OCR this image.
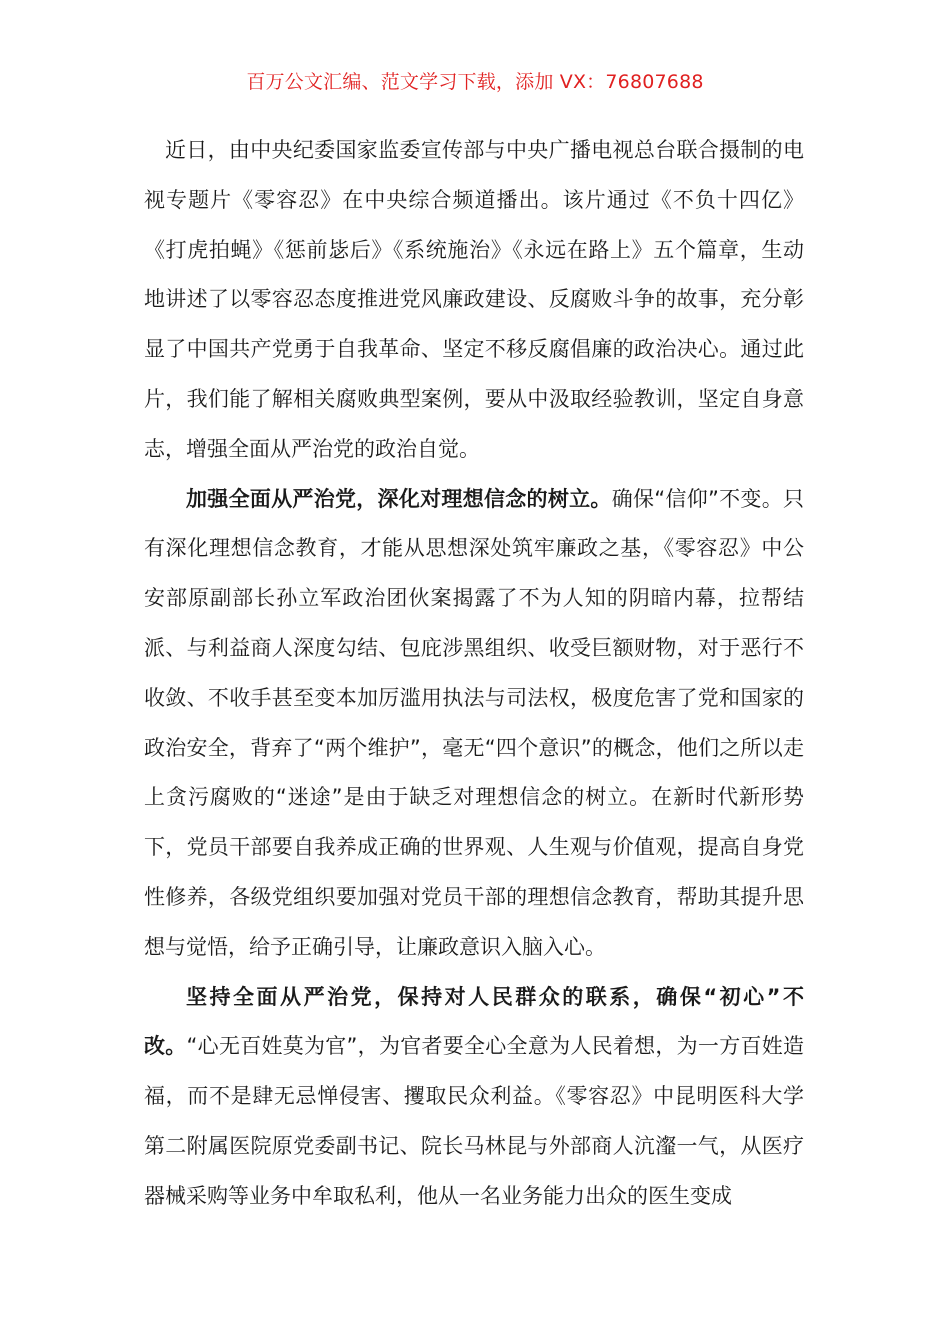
百万公文汇编、范文学习下载，添加 VX：76807688

近日，由中央纪委国家监委宣传部与中央广播电视总台联合摄制的电视专题片《零容忍》在中央综合频道播出。该片通过《不负十四亿》《打虎拍蝇》《惩前毖后》《系统施治》《永远在路上》五个篇章，生动地讲述了以零容忍态度推进党风廉政建设、反腐败斗争的故事，充分彰显了中国共产党勇于自我革命、坚定不移反腐倡廉的政治决心。通过此片，我们能了解相关腐败典型案例，要从中汲取经验教训，坚定自身意志，增强全面从严治党的政治自觉。

加强全面从严治党，深化对理想信念的树立。确保“信仰”不变。只有深化理想信念教育，才能从思想深处筑牢廉政之基，《零容忍》中公安部原副部长孙立军政治团伙案揭露了不为人知的阴暗内幕，拉帮结派、与利益商人深度勾结、包庇涉黑组织、收受巨额财物，对于恶行不收敛、不收手甚至变本加厉滥用执法与司法权，极度危害了党和国家的政治安全，背弃了“两个维护”，毫无“四个意识”的概念，他们之所以走上贪污腐败的“迷途”是由于缺乏对理想信念的树立。在新时代新形势下，党员干部要自我养成正确的世界观、人生观与价值观，提高自身党性修养，各级党组织要加强对党员干部的理想信念教育，帮助其提升思想与觉悟，给予正确引导，让廉政意识入脑入心。

坚持全面从严治党，保持对人民群众的联系，确保“初心”不改。“心无百姓莫为官”，为官者要全心全意为人民着想，为一方百姓造福，而不是肆无忌惮侵害、攫取民众利益。《零容忍》中昆明医科大学第二附属医院原党委副书记、院长马林昆与外部商人沆瀣一气，从医疗器械采购等业务中牟取私利，他从一名业务能力出众的医生变成
